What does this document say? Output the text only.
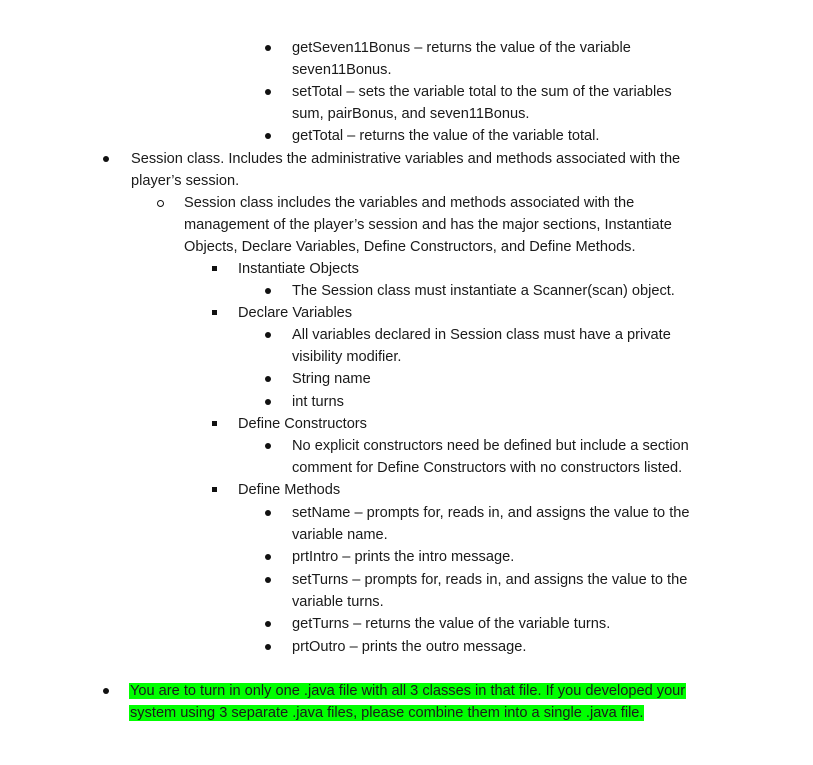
getSeven11Bonus – returns the value of the variable
seven11Bonus.
setTotal – sets the variable total to the sum of the variables
sum, pairBonus, and seven11Bonus.
getTotal – returns the value of the variable total.
Session class. Includes the administrative variables and methods associated with the
player’s session.
Session class includes the variables and methods associated with the
management of the player’s session and has the major sections, Instantiate
Objects, Declare Variables, Define Constructors, and Define Methods.
Instantiate Objects
The Session class must instantiate a Scanner(scan) object.
Declare Variables
All variables declared in Session class must have a private
visibility modifier.
String name
int turns
Define Constructors
No explicit constructors need be defined but include a section
comment for Define Constructors with no constructors listed.
Define Methods
setName – prompts for, reads in, and assigns the value to the
variable name.
prtIntro – prints the intro message.
setTurns – prompts for, reads in, and assigns the value to the
variable turns.
getTurns – returns the value of the variable turns.
prtOutro – prints the outro message.
You are to turn in only one .java file with all 3 classes in that file. If you developed your
system using 3 separate .java files, please combine them into a single .java file.
